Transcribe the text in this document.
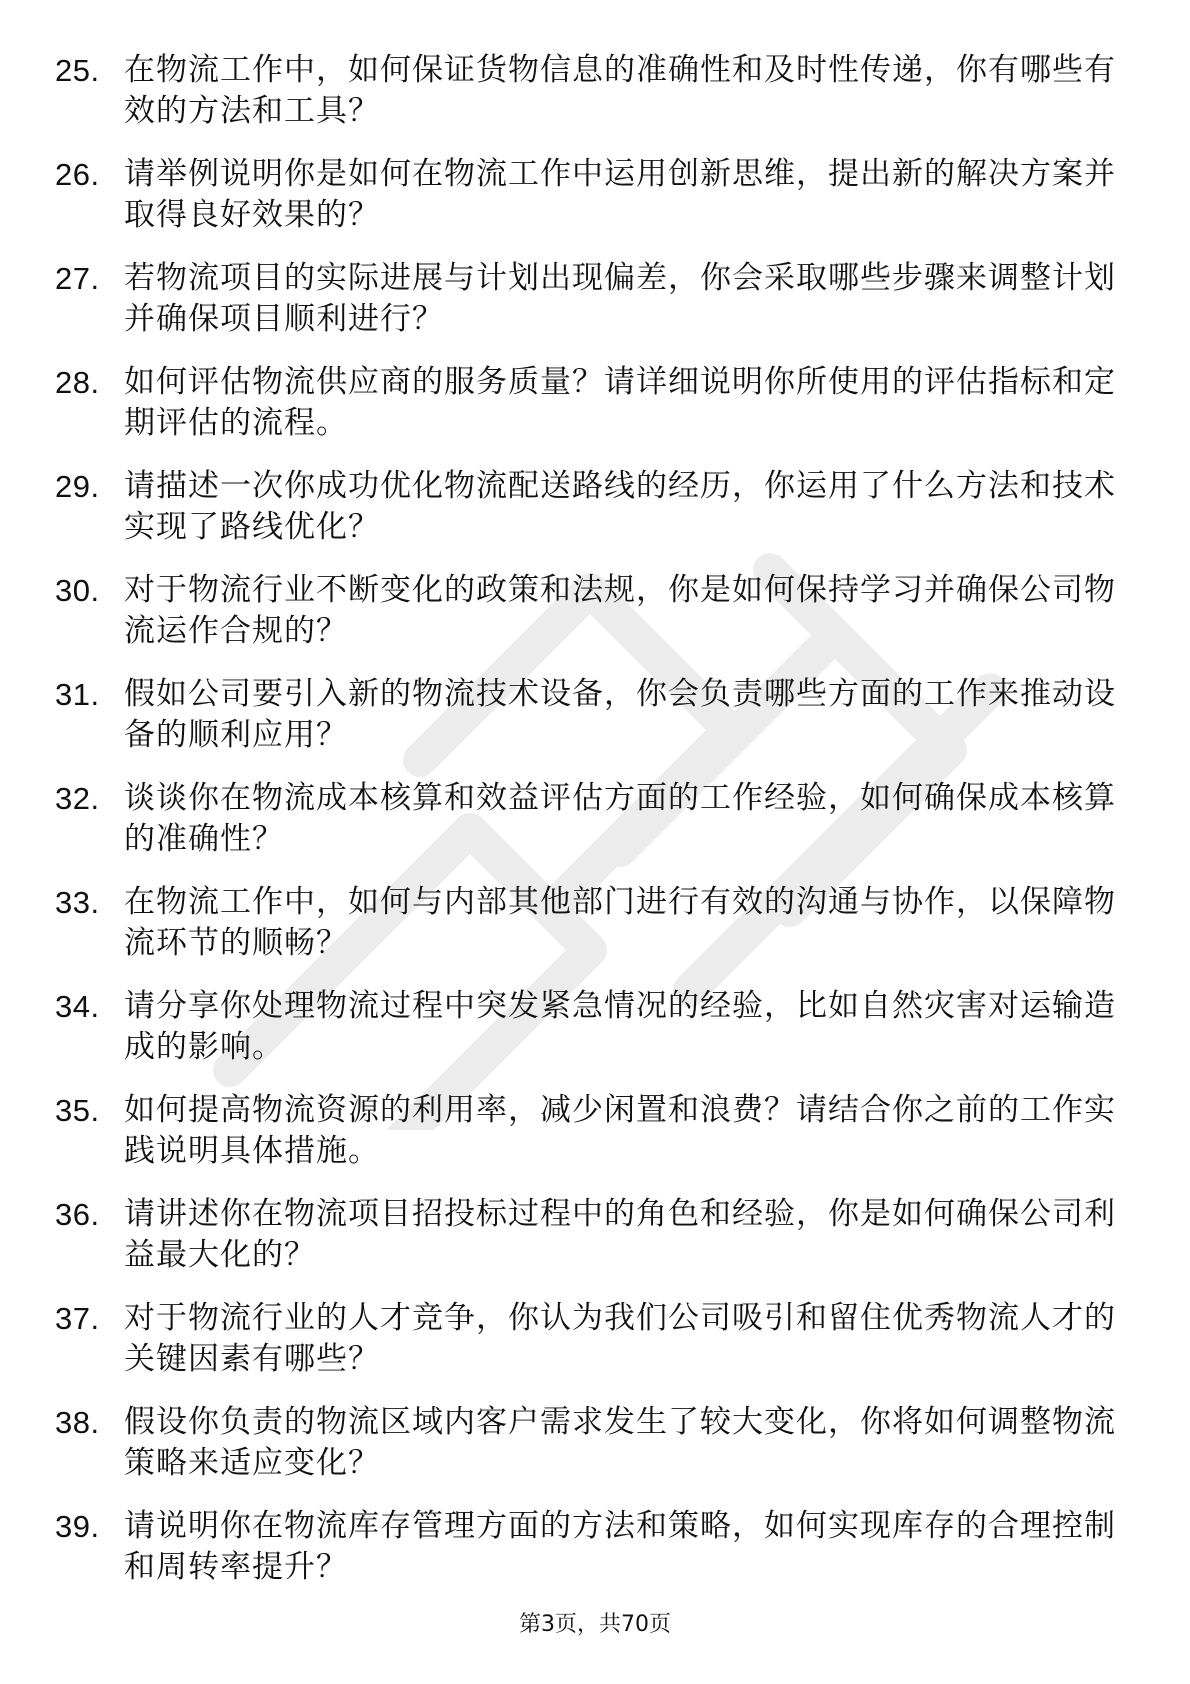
25. 在物流工作中，如何保证货物信息的准确性和及时性传递，你有哪些有效的方法和工具？
26. 请举例说明你是如何在物流工作中运用创新思维，提出新的解决方案并取得良好效果的？
27. 若物流项目的实际进展与计划出现偏差，你会采取哪些步骤来调整计划并确保项目顺利进行？
28. 如何评估物流供应商的服务质量？请详细说明你所使用的评估指标和定期评估的流程。
29. 请描述一次你成功优化物流配送路线的经历，你运用了什么方法和技术实现了路线优化？
30. 对于物流行业不断变化的政策和法规，你是如何保持学习并确保公司物流运作合规的？
31. 假如公司要引入新的物流技术设备，你会负责哪些方面的工作来推动设备的顺利应用？
32. 谈谈你在物流成本核算和效益评估方面的工作经验，如何确保成本核算的准确性？
33. 在物流工作中，如何与内部其他部门进行有效的沟通与协作，以保障物流环节的顺畅？
34. 请分享你处理物流过程中突发紧急情况的经验，比如自然灾害对运输造成的影响。
35. 如何提高物流资源的利用率，减少闲置和浪费？请结合你之前的工作实践说明具体措施。
36. 请讲述你在物流项目招投标过程中的角色和经验，你是如何确保公司利益最大化的？
37. 对于物流行业的人才竞争，你认为我们公司吸引和留住优秀物流人才的关键因素有哪些？
38. 假设你负责的物流区域内客户需求发生了较大变化，你将如何调整物流策略来适应变化？
39. 请说明你在物流库存管理方面的方法和策略，如何实现库存的合理控制和周转率提升？
第3页，共70页
